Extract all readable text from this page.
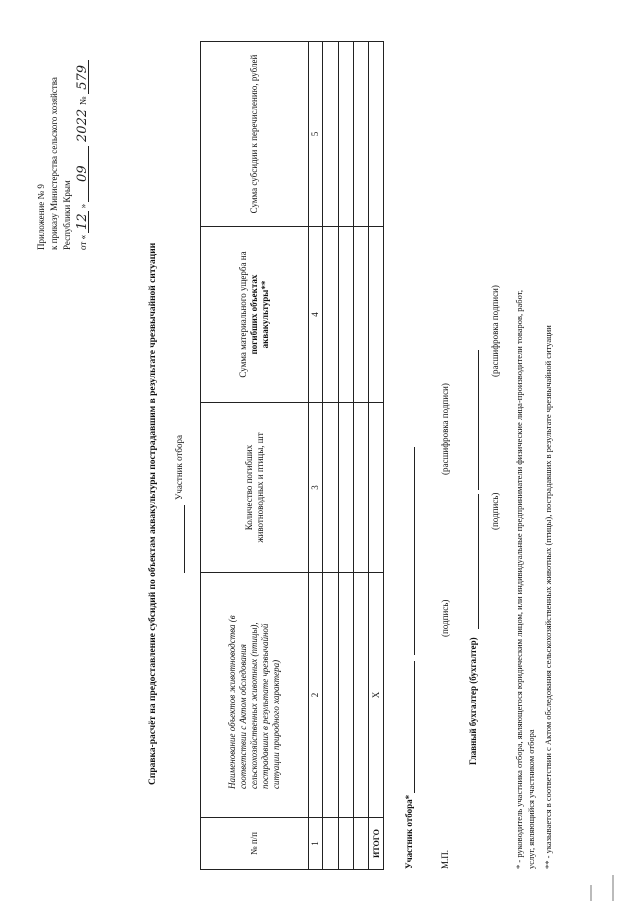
Приложение № 9 к приказу Министерства сельского хозяйства Республики Крым от « 12 » 09 2022 № 579
Справка-расчёт на предоставление субсидий по объектам аквакультуры пострадавшим в результате чрезвычайной ситуации Участник отбора
№ п/п	Наименование объектов животноводства (в соответствии с Актом обследования сельскохозяйственных животных (птицы), пострадавших в результате чрезвычайной ситуации природного характера)	Количество погибших животноводных и птицы, шт	Сумма материального ущерба на погибших объектах аквакультуры**	Сумма субсидии к перечислению, рублей
1	2	3	4	5

ИТОГО	Х			
Участник отбора*
(расшифровка подписи)
(подпись)
М.П.
Главный бухгалтер (бухгалтер)
(подпись)
(расшифровка подписи) * - руководитель участника отбора, являющегося юридическим лицом, или индивидуальные предприниматели физические лица-производители товаров, работ, услуг, являющийся участником отбора ** - указывается в соответствии с Актом обследования сельскохозяйственных животных (птицы), пострадавших в результате чрезвычайной ситуации
